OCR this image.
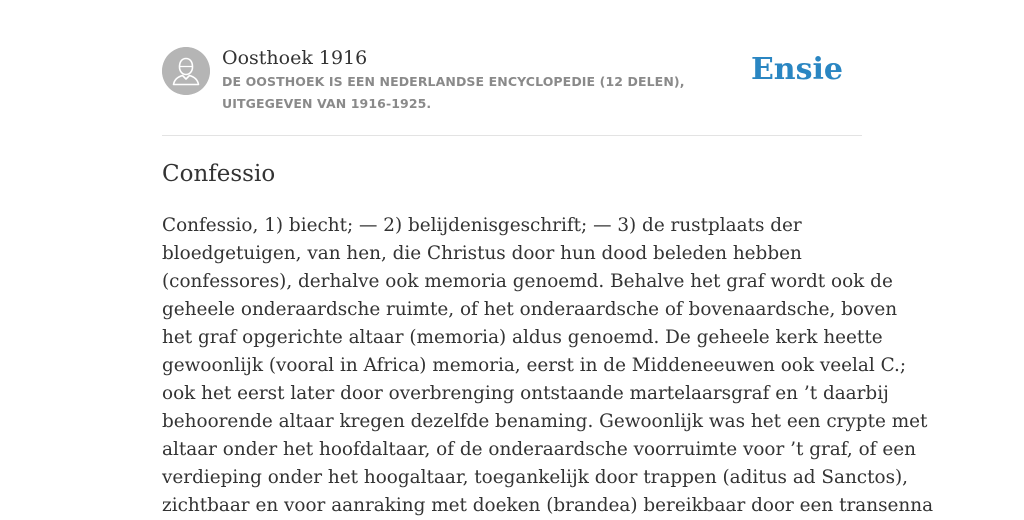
Oosthoek 1916

DE OOSTHOEK IS EEN NEDERLANDSE ENCYCLOPEDIE (12 DELEN), UITGEGEVEN VAN 1916-1925.

Ensie
Confessio

Confessio, 1) biecht; — 2) belijdenisgeschrift; — 3) de rustplaats der
bloedgetuigen, van hen, die Christus door hun dood beleden hebben
(confessores), derhalve ook memoria genoemd. Behalve het graf wordt ook de
geheele onderaardsche ruimte, of het onderaardsche of bovenaardsche, boven
het graf opgerichte altaar (memoria) aldus genoemd. De geheele kerk heette
gewoonlijk (vooral in Africa) memoria, eerst in de Middeneeuwen ook veelal C.;
ook het eerst later door overbrenging ontstaande martelaarsgraf en ’t daarbij
behoorende altaar kregen dezelfde benaming. Gewoonlijk was het een crypte met
altaar onder het hoofdaltaar, of de onderaardsche voorruimte voor ’t graf, of een
verdieping onder het hoogaltaar, toegankelijk door trappen (aditus ad Sanctos),
zichtbaar en voor aanraking met doeken (brandea) bereikbaar door een transenna
